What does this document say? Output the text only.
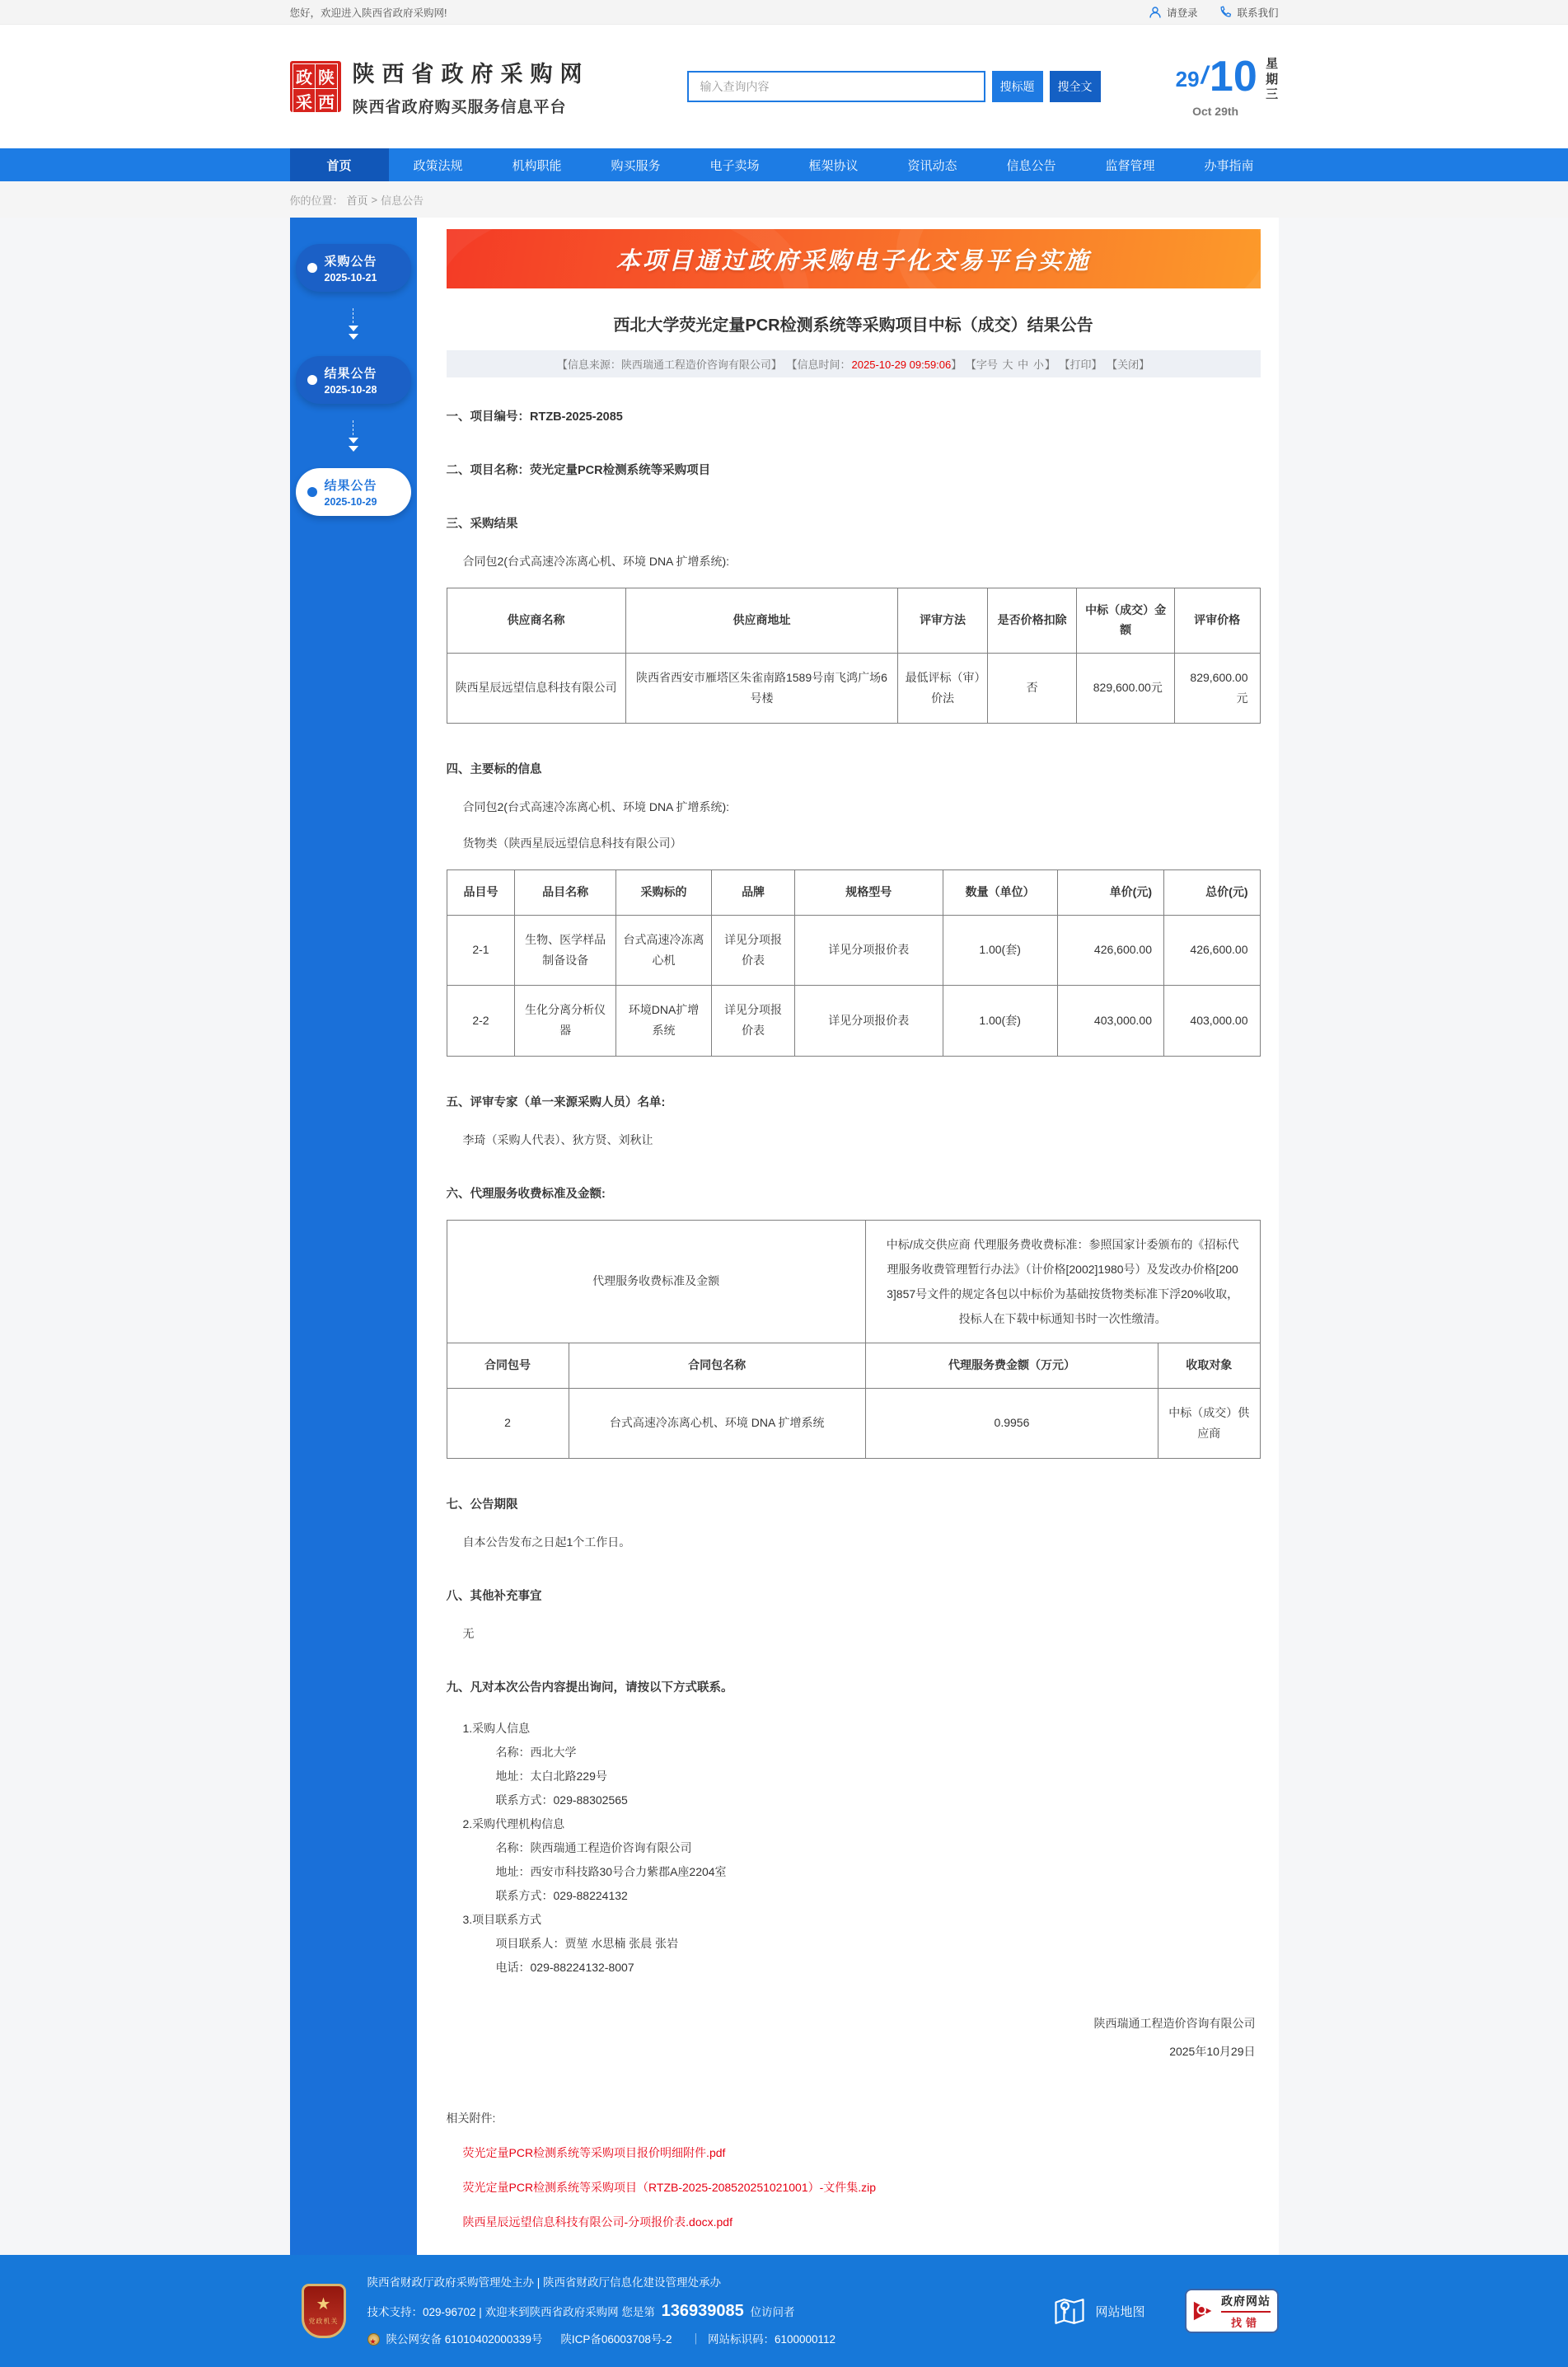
您好，欢迎进入陕西省政府采购网!	请登录	联系我们
政 陕
采 西
陕西省政府采购网
陕西省政府购买服务信息平台
输入查询内容
搜标题	搜全文	29 / 10 星期三
Oct 29th
首页	政策法规	机构职能	购买服务	电子卖场	框架协议	资讯动态	信息公告	监督管理	办事指南
你的位置： 首页 > 信息公告
采购公告
2025-10-21
结果公告
2025-10-28
结果公告
2025-10-29
本项目通过政府采购电子化交易平台实施
西北大学荧光定量PCR检测系统等采购项目中标（成交）结果公告
【信息来源：陕西瑞通工程造价咨询有限公司】 【信息时间：2025-10-29 09:59:06】 【字号 大 中 小】 【打印】 【关闭】
一、项目编号：RTZB-2025-2085
二、项目名称：荧光定量PCR检测系统等采购项目
三、采购结果

合同包2(台式高速冷冻离心机、环境 DNA 扩增系统):

供应商名称	供应商地址	评审方法	是否价格扣除	中标（成交）金额	评审价格
陕西星辰远望信息科技有限公司	陕西省西安市雁塔区朱雀南路1589号南飞鸿广场6号楼	最低评标（审）价法	否	829,600.00元	829,600.00元
四、主要标的信息

合同包2(台式高速冷冻离心机、环境 DNA 扩增系统):

货物类（陕西星辰远望信息科技有限公司）

品目号	品目名称	采购标的	品牌	规格型号	数量（单位）	单价(元)	总价(元)
2-1	生物、医学样品制备设备	台式高速冷冻离心机	详见分项报价表	详见分项报价表	1.00(套)	426,600.00	426,600.00
2-2	生化分离分析仪器	环境DNA扩增系统	详见分项报价表	详见分项报价表	1.00(套)	403,000.00	403,000.00
五、评审专家（单一来源采购人员）名单:

李琦（采购人代表）、狄方贤、刘秋让

六、代理服务收费标准及金额:
代理服务收费标准及金额		中标/成交供应商 代理服务费收费标准：参照国家计委颁布的《招标代理服务收费管理暂行办法》（计价格[2002]1980号）及发改办价格[2003]857号文件的规定各包以中标价为基础按货物类标准下浮20%收取，投标人在下载中标通知书时一次性缴清。	
合同包号	合同包名称	代理服务费金额（万元）	收取对象
2	台式高速冷冻离心机、环境 DNA 扩增系统	0.9956	中标（成交）供应商
七、公告期限

自本公告发布之日起1个工作日。

八、其他补充事宜

无

九、凡对本次公告内容提出询问，请按以下方式联系。

1.采购人信息

名称：西北大学

地址：太白北路229号

联系方式：029-88302565

2.采购代理机构信息

名称：陕西瑞通工程造价咨询有限公司

地址：西安市科技路30号合力紫郡A座2204室

联系方式：029-88224132

3.项目联系方式

项目联系人：贾堃 水思楠 张晨 张岩

电话：029-88224132-8007

陕西瑞通工程造价咨询有限公司
2025年10月29日
相关附件:
荧光定量PCR检测系统等采购项目报价明细附件.pdf
荧光定量PCR检测系统等采购项目（RTZB-2025-208520251021001）-文件集.zip
陕西星辰远望信息科技有限公司-分项报价表.docx.pdf
★
党政机关
陕西省财政厅政府采购管理处主办 | 陕西省财政厅信息化建设管理处承办
技术支持：029-96702 | 欢迎来到陕西省政府采购网 您是第 136939085 位访问者
★
陕公网安备 61010402000339号 陕ICP备06003708号-2 ｜ 网站标识码：6100000112
网站地图
政府网站
找错
